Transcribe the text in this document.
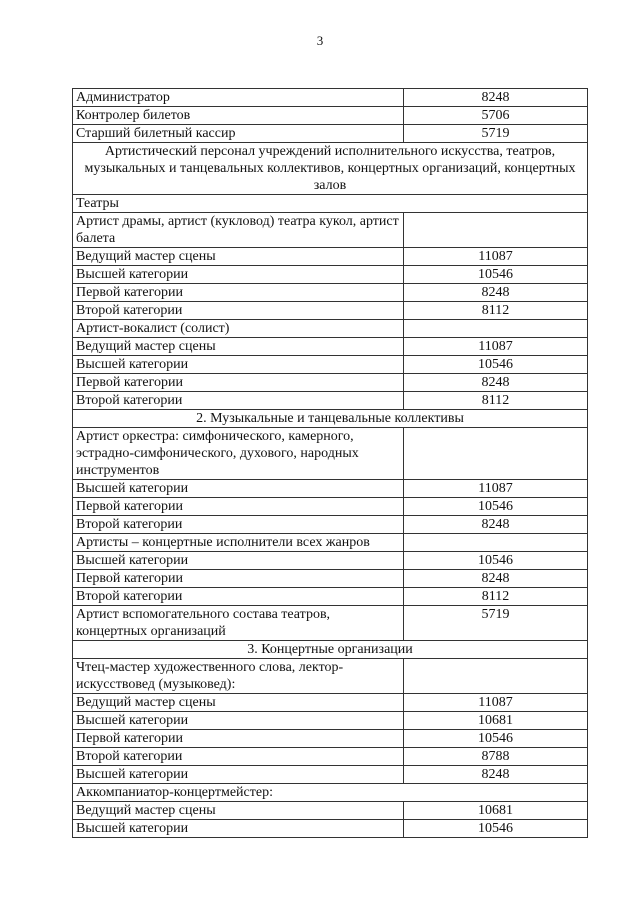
3
Администратор	8248
Контролер билетов	5706
Старший билетный кассир	5719
Артистический персонал учреждений исполнительного искусства, театров, музыкальных и танцевальных коллективов, концертных организаций, концертных залов	
Театры	
Артист драмы, артист (кукловод) театра кукол, артист балета	
Ведущий мастер сцены	11087
Высшей категории	10546
Первой категории	8248
Второй категории	8112
Артист-вокалист (солист)	
Ведущий мастер сцены	11087
Высшей категории	10546
Первой категории	8248
Второй категории	8112
2. Музыкальные и танцевальные коллективы	
Артист оркестра: симфонического, камерного, эстрадно-симфонического, духового, народных инструментов	
Высшей категории	11087
Первой категории	10546
Второй категории	8248
Артисты – концертные исполнители всех жанров	
Высшей категории	10546
Первой категории	8248
Второй категории	8112
Артист вспомогательного состава театров, концертных организаций	5719
3. Концертные организации	
Чтец-мастер художественного слова, лектор-искусствовед (музыковед):	
Ведущий мастер сцены	11087
Высшей категории	10681
Первой категории	10546
Второй категории	8788
Высшей категории	8248
Аккомпаниатор-концертмейстер:	
Ведущий мастер сцены	10681
Высшей категории	10546
